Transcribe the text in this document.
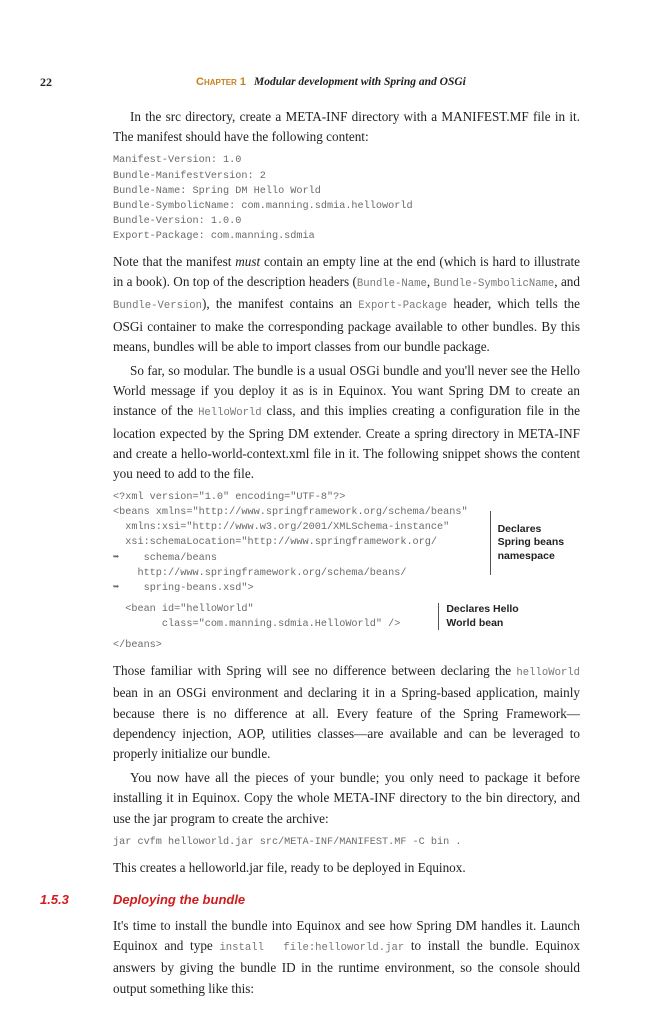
22	Chapter 1 Modular development with Spring and OSGi
In the src directory, create a META-INF directory with a MANIFEST.MF file in it. The manifest should have the following content:
Manifest-Version: 1.0
Bundle-ManifestVersion: 2
Bundle-Name: Spring DM Hello World
Bundle-SymbolicName: com.manning.sdmia.helloworld
Bundle-Version: 1.0.0
Export-Package: com.manning.sdmia
Note that the manifest must contain an empty line at the end (which is hard to illustrate in a book). On top of the description headers (Bundle-Name, Bundle-SymbolicName, and Bundle-Version), the manifest contains an Export-Package header, which tells the OSGi container to make the corresponding package available to other bundles. By this means, bundles will be able to import classes from our bundle package.
So far, so modular. The bundle is a usual OSGi bundle and you'll never see the Hello World message if you deploy it as is in Equinox. You want Spring DM to create an instance of the HelloWorld class, and this implies creating a configuration file in the location expected by the Spring DM extender. Create a spring directory in META-INF and create a hello-world-context.xml file in it. The following snippet shows the content you need to add to the file.
<?xml version="1.0" encoding="UTF-8"?>
<beans xmlns="http://www.springframework.org/schema/beans"
xmlns:xsi="http://www.w3.org/2001/XMLSchema-instance"
xsi:schemaLocation="http://www.springframework.org/
➥    schema/beans
http://www.springframework.org/schema/beans/
➥    spring-beans.xsd">
Declares
Spring beans
namespace
<bean id="helloWorld"
class="com.manning.sdmia.HelloWorld" />
Declares Hello
World bean
</beans>
Those familiar with Spring will see no difference between declaring the helloWorld bean in an OSGi environment and declaring it in a Spring-based application, mainly because there is no difference at all. Every feature of the Spring Framework—dependency injection, AOP, utilities classes—are available and can be leveraged to properly initialize our bundle.
You now have all the pieces of your bundle; you only need to package it before installing it in Equinox. Copy the whole META-INF directory to the bin directory, and use the jar program to create the archive:
jar cvfm helloworld.jar src/META-INF/MANIFEST.MF -C bin .
This creates a helloworld.jar file, ready to be deployed in Equinox.
1.5.3	Deploying the bundle
It's time to install the bundle into Equinox and see how Spring DM handles it. Launch Equinox and type install  file:helloworld.jar to install the bundle. Equinox answers by giving the bundle ID in the runtime environment, so the console should output something like this:
